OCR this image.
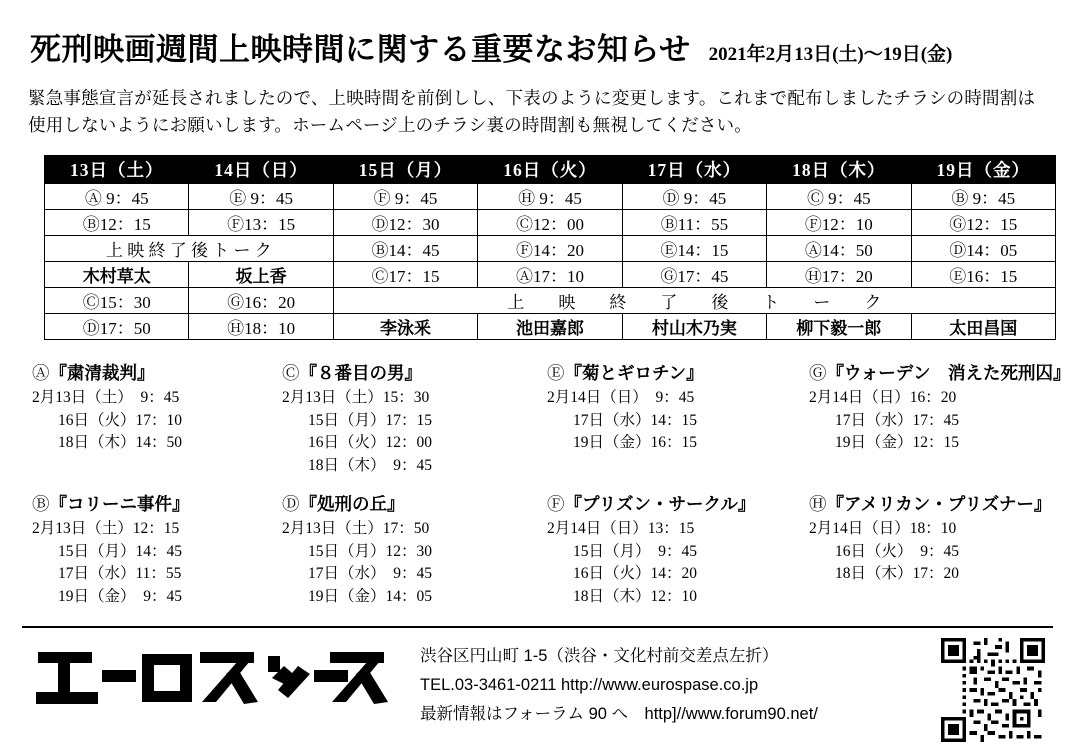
死刑映画週間上映時間に関する重要なお知らせ 2021年2月13日(土)〜19日(金)
緊急事態宣言が延長されましたので、上映時間を前倒しし、下表のように変更します。これまで配布しましたチラシの時間割は使用しないようにお願いします。ホームページ上のチラシ裏の時間割も無視してください。
13日（土）	14日（日）	15日（月）	16日（火）	17日（水）	18日（木）	19日（金）
Ⓐ 9：45	Ⓔ 9：45	Ⓕ 9：45	Ⓗ 9：45	Ⓓ 9：45	Ⓒ 9：45	Ⓑ 9：45
Ⓑ12：15	Ⓕ13：15	Ⓓ12：30	Ⓒ12：00	Ⓑ11：55	Ⓕ12：10	Ⓖ12：15
上 映 終 了 後 ト ー ク		Ⓑ14：45	Ⓕ14：20	Ⓔ14：15	Ⓐ14：50	Ⓓ14：05
木村草太	坂上香	Ⓒ17：15	Ⓐ17：10	Ⓖ17：45	Ⓗ17：20	Ⓔ16：15
Ⓒ15：30	Ⓖ16：20	上　　映　　終　　了　　後　　ト　　ー　　ク				
Ⓓ17：50	Ⓗ18：10	李泳釆	池田嘉郎	村山木乃実	柳下毅一郎	太田昌国
Ⓐ『粛清裁判』
2月13日（土）　9：45
16日（火）17：10
18日（木）14：50
Ⓑ『コリーニ事件』
2月13日（土）12：15
15日（月）14：45
17日（水）11：55
19日（金）　9：45
Ⓒ『８番目の男』
2月13日（土）15：30
15日（月）17：15
16日（火）12：00
18日（木）　9：45
Ⓓ『処刑の丘』
2月13日（土）17：50
15日（月）12：30
17日（水）　9：45
19日（金）14：05
Ⓔ『菊とギロチン』
2月14日（日）　9：45
17日（水）14：15
19日（金）16：15
Ⓕ『プリズン・サークル』
2月14日（日）13：15
15日（月）　9：45
16日（火）14：20
18日（木）12：10
Ⓖ『ウォーデン　消えた死刑囚』
2月14日（日）16：20
17日（水）17：45
19日（金）12：15
Ⓗ『アメリカン・プリズナー』
2月14日（日）18：10
16日（火）　9：45
18日（木）17：20
渋谷区円山町 1-5（渋谷・文化村前交差点左折）
TEL.03-3461-0211 http://www.eurospase.co.jp
最新情報はフォーラム 90 へ　http]//www.forum90.net/
